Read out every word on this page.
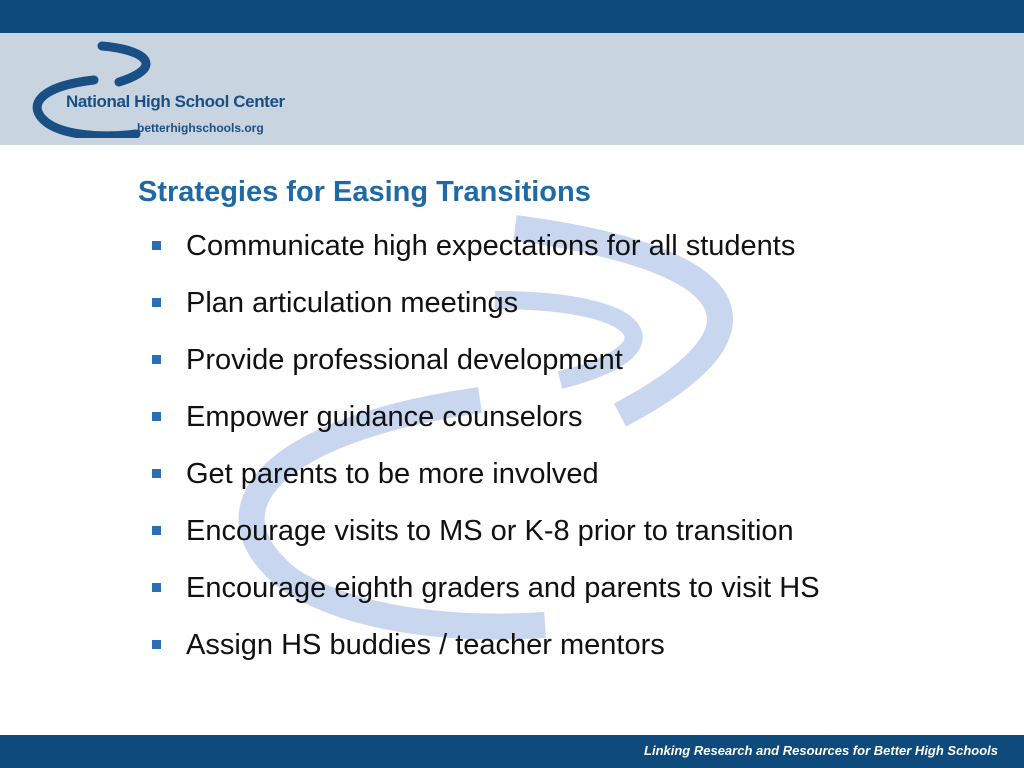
National High School Center
betterhighschools.org
Strategies for Easing Transitions
Communicate high expectations for all students
Plan articulation meetings
Provide professional development
Empower guidance counselors
Get parents to be more involved
Encourage visits to MS or K-8 prior to transition
Encourage eighth graders and parents to visit HS
Assign HS buddies / teacher mentors
Linking Research and Resources for Better High Schools
